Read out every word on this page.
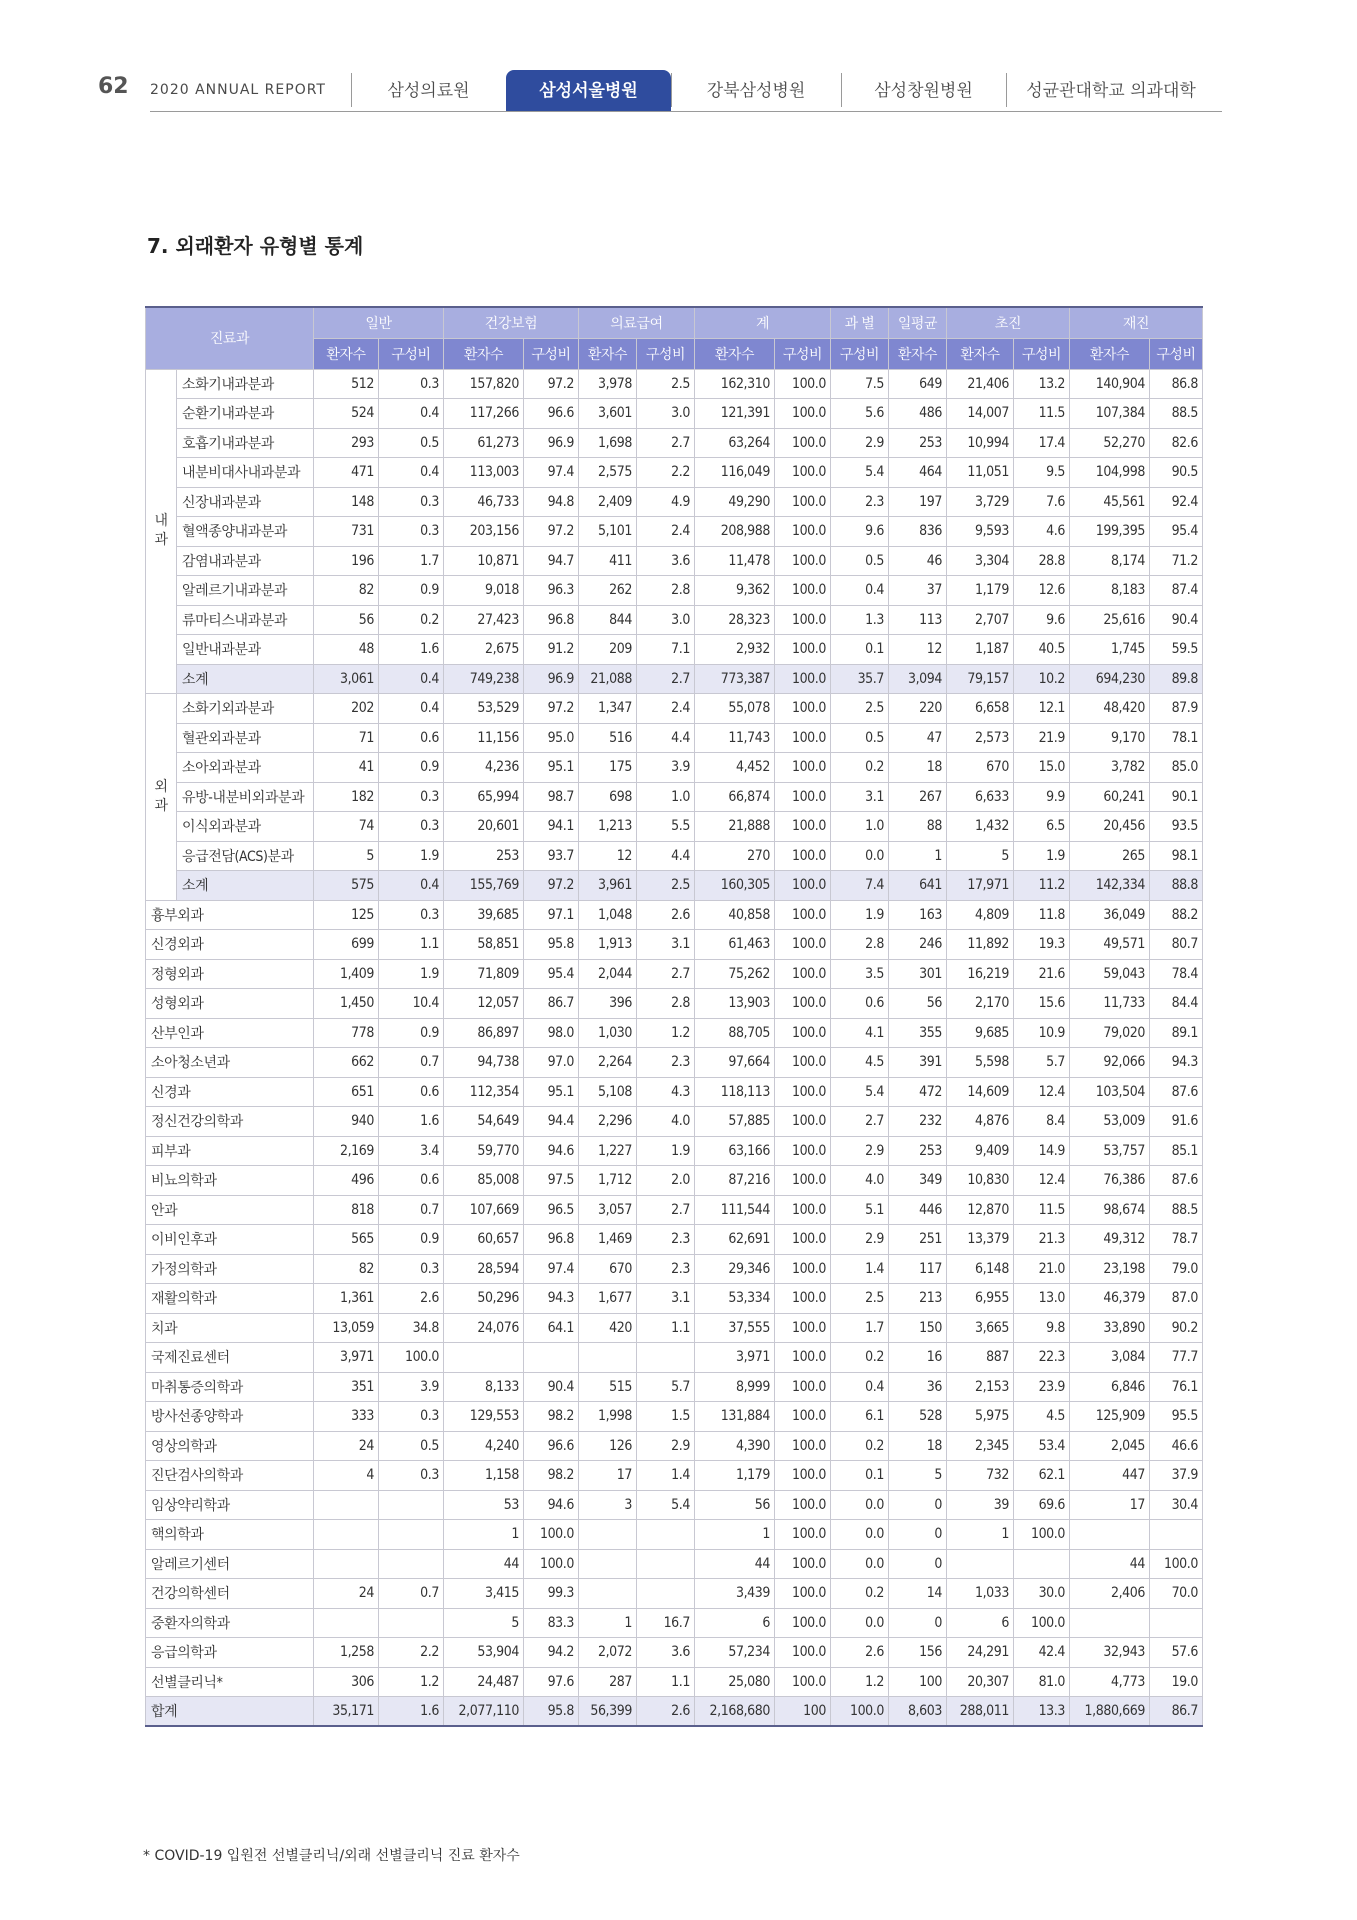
62 2020 ANNUAL REPORT	삼성의료원	삼성서울병원	강북삼성병원	삼성창원병원	성균관대학교 의과대학
7. 외래환자 유형별 통계
진료과		일반		건강보험		의료급여		계		과 별	일평균	초진		재진	
		환자수	구성비	환자수	구성비	환자수	구성비	환자수	구성비	구성비	환자수	환자수	구성비	환자수	구성비
내
과	소화기내과분과	512	0.3	157,820	97.2	3,978	2.5	162,310	100.0	7.5	649	21,406	13.2	140,904	86.8
	순환기내과분과	524	0.4	117,266	96.6	3,601	3.0	121,391	100.0	5.6	486	14,007	11.5	107,384	88.5
	호흡기내과분과	293	0.5	61,273	96.9	1,698	2.7	63,264	100.0	2.9	253	10,994	17.4	52,270	82.6
	내분비대사내과분과	471	0.4	113,003	97.4	2,575	2.2	116,049	100.0	5.4	464	11,051	9.5	104,998	90.5
	신장내과분과	148	0.3	46,733	94.8	2,409	4.9	49,290	100.0	2.3	197	3,729	7.6	45,561	92.4
	혈액종양내과분과	731	0.3	203,156	97.2	5,101	2.4	208,988	100.0	9.6	836	9,593	4.6	199,395	95.4
	감염내과분과	196	1.7	10,871	94.7	411	3.6	11,478	100.0	0.5	46	3,304	28.8	8,174	71.2
	알레르기내과분과	82	0.9	9,018	96.3	262	2.8	9,362	100.0	0.4	37	1,179	12.6	8,183	87.4
	류마티스내과분과	56	0.2	27,423	96.8	844	3.0	28,323	100.0	1.3	113	2,707	9.6	25,616	90.4
	일반내과분과	48	1.6	2,675	91.2	209	7.1	2,932	100.0	0.1	12	1,187	40.5	1,745	59.5
	소계	3,061	0.4	749,238	96.9	21,088	2.7	773,387	100.0	35.7	3,094	79,157	10.2	694,230	89.8
외
과	소화기외과분과	202	0.4	53,529	97.2	1,347	2.4	55,078	100.0	2.5	220	6,658	12.1	48,420	87.9
	혈관외과분과	71	0.6	11,156	95.0	516	4.4	11,743	100.0	0.5	47	2,573	21.9	9,170	78.1
	소아외과분과	41	0.9	4,236	95.1	175	3.9	4,452	100.0	0.2	18	670	15.0	3,782	85.0
	유방-내분비외과분과	182	0.3	65,994	98.7	698	1.0	66,874	100.0	3.1	267	6,633	9.9	60,241	90.1
	이식외과분과	74	0.3	20,601	94.1	1,213	5.5	21,888	100.0	1.0	88	1,432	6.5	20,456	93.5
	응급전담(ACS)분과	5	1.9	253	93.7	12	4.4	270	100.0	0.0	1	5	1.9	265	98.1
	소계	575	0.4	155,769	97.2	3,961	2.5	160,305	100.0	7.4	641	17,971	11.2	142,334	88.8
흉부외과		125	0.3	39,685	97.1	1,048	2.6	40,858	100.0	1.9	163	4,809	11.8	36,049	88.2
신경외과		699	1.1	58,851	95.8	1,913	3.1	61,463	100.0	2.8	246	11,892	19.3	49,571	80.7
정형외과		1,409	1.9	71,809	95.4	2,044	2.7	75,262	100.0	3.5	301	16,219	21.6	59,043	78.4
성형외과		1,450	10.4	12,057	86.7	396	2.8	13,903	100.0	0.6	56	2,170	15.6	11,733	84.4
산부인과		778	0.9	86,897	98.0	1,030	1.2	88,705	100.0	4.1	355	9,685	10.9	79,020	89.1
소아청소년과		662	0.7	94,738	97.0	2,264	2.3	97,664	100.0	4.5	391	5,598	5.7	92,066	94.3
신경과		651	0.6	112,354	95.1	5,108	4.3	118,113	100.0	5.4	472	14,609	12.4	103,504	87.6
정신건강의학과		940	1.6	54,649	94.4	2,296	4.0	57,885	100.0	2.7	232	4,876	8.4	53,009	91.6
피부과		2,169	3.4	59,770	94.6	1,227	1.9	63,166	100.0	2.9	253	9,409	14.9	53,757	85.1
비뇨의학과		496	0.6	85,008	97.5	1,712	2.0	87,216	100.0	4.0	349	10,830	12.4	76,386	87.6
안과		818	0.7	107,669	96.5	3,057	2.7	111,544	100.0	5.1	446	12,870	11.5	98,674	88.5
이비인후과		565	0.9	60,657	96.8	1,469	2.3	62,691	100.0	2.9	251	13,379	21.3	49,312	78.7
가정의학과		82	0.3	28,594	97.4	670	2.3	29,346	100.0	1.4	117	6,148	21.0	23,198	79.0
재활의학과		1,361	2.6	50,296	94.3	1,677	3.1	53,334	100.0	2.5	213	6,955	13.0	46,379	87.0
치과		13,059	34.8	24,076	64.1	420	1.1	37,555	100.0	1.7	150	3,665	9.8	33,890	90.2
국제진료센터		3,971	100.0					3,971	100.0	0.2	16	887	22.3	3,084	77.7
마취통증의학과		351	3.9	8,133	90.4	515	5.7	8,999	100.0	0.4	36	2,153	23.9	6,846	76.1
방사선종양학과		333	0.3	129,553	98.2	1,998	1.5	131,884	100.0	6.1	528	5,975	4.5	125,909	95.5
영상의학과		24	0.5	4,240	96.6	126	2.9	4,390	100.0	0.2	18	2,345	53.4	2,045	46.6
진단검사의학과		4	0.3	1,158	98.2	17	1.4	1,179	100.0	0.1	5	732	62.1	447	37.9
임상약리학과				53	94.6	3	5.4	56	100.0	0.0	0	39	69.6	17	30.4
핵의학과				1	100.0			1	100.0	0.0	0	1	100.0		
알레르기센터				44	100.0			44	100.0	0.0	0			44	100.0
건강의학센터		24	0.7	3,415	99.3			3,439	100.0	0.2	14	1,033	30.0	2,406	70.0
중환자의학과				5	83.3	1	16.7	6	100.0	0.0	0	6	100.0		
응급의학과		1,258	2.2	53,904	94.2	2,072	3.6	57,234	100.0	2.6	156	24,291	42.4	32,943	57.6
선별클리닉*		306	1.2	24,487	97.6	287	1.1	25,080	100.0	1.2	100	20,307	81.0	4,773	19.0
합계		35,171	1.6	2,077,110	95.8	56,399	2.6	2,168,680	100	100.0	8,603	288,011	13.3	1,880,669	86.7
* COVID-19 입원전 선별클리닉/외래 선별클리닉 진료 환자수
